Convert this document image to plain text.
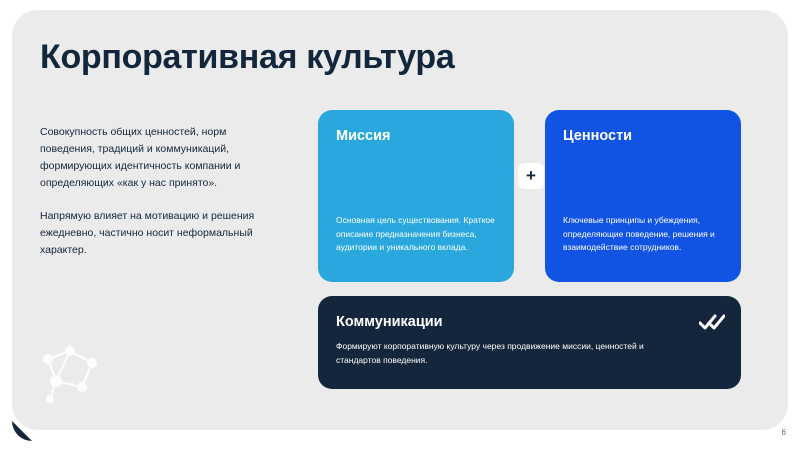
Корпоративная культура

Совокупность общих ценностей, норм поведения, традиций и коммуникаций, формирующих идентичность компании и определяющих «как у нас принято».

Напрямую влияет на мотивацию и решения ежедневно, частично носит неформальный характер.

Миссия
Основная цель существования. Краткое описание предназначения бизнеса, аудитории и уникального вклада.
+
Ценности
Ключевые принципы и убеждения, определяющие поведение, решения и взаимодействие сотрудников.
Коммуникации
Формируют корпоративную культуру через продвижение миссии, ценностей и стандартов поведения.
6
